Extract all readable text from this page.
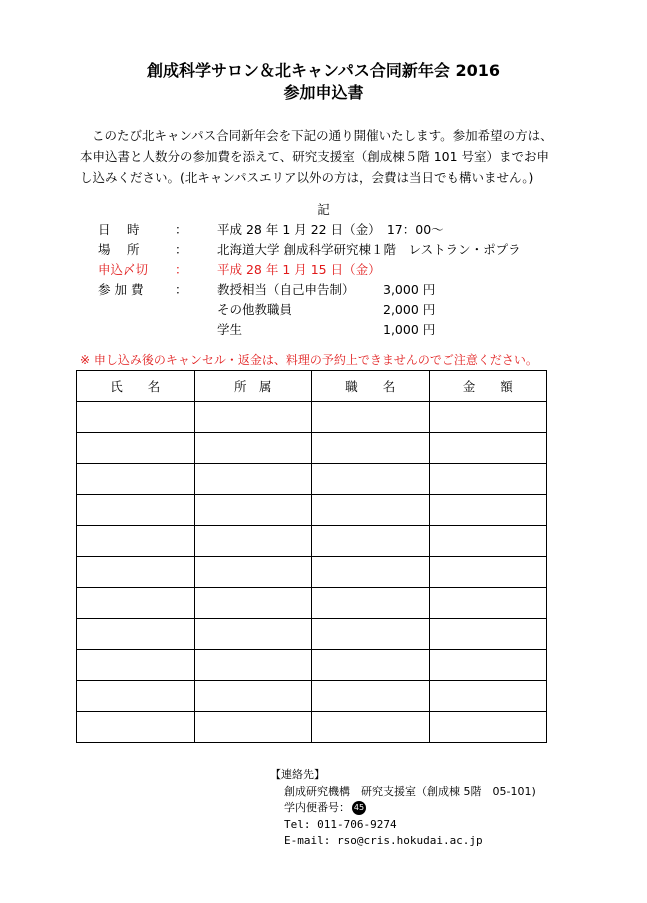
創成科学サロン＆北キャンパス合同新年会 2016
参加申込書

このたび北キャンパス合同新年会を下記の通り開催いたします。参加希望の方は、

本申込書と人数分の参加費を添えて、研究支援室（創成棟５階 101 号室）までお申

し込みください。(北キャンパスエリア以外の方は，会費は当日でも構いません。)

記
日　 時	： 平成 28 年 1 月 22 日（金）　17：00～
場　 所	： 北海道大学 創成科学研究棟１階　レストラン・ポプラ
申込〆切 ： 平成 28 年 1 月 15 日（金）
参 加 費	： 教授相当（自己申告制） 3,000 円
その他教職員	2,000 円
学生	1,000 円
※ 申し込み後のキャンセル・返金は、料理の予約上できませんのでご注意ください。
氏　　名	所　属	職　　名	金　　額

【連絡先】
創成研究機構　研究支援室（創成棟 5階　05-101)
学内便番号： 45
Tel: 011-706-9274
E-mail: rso@cris.hokudai.ac.jp
